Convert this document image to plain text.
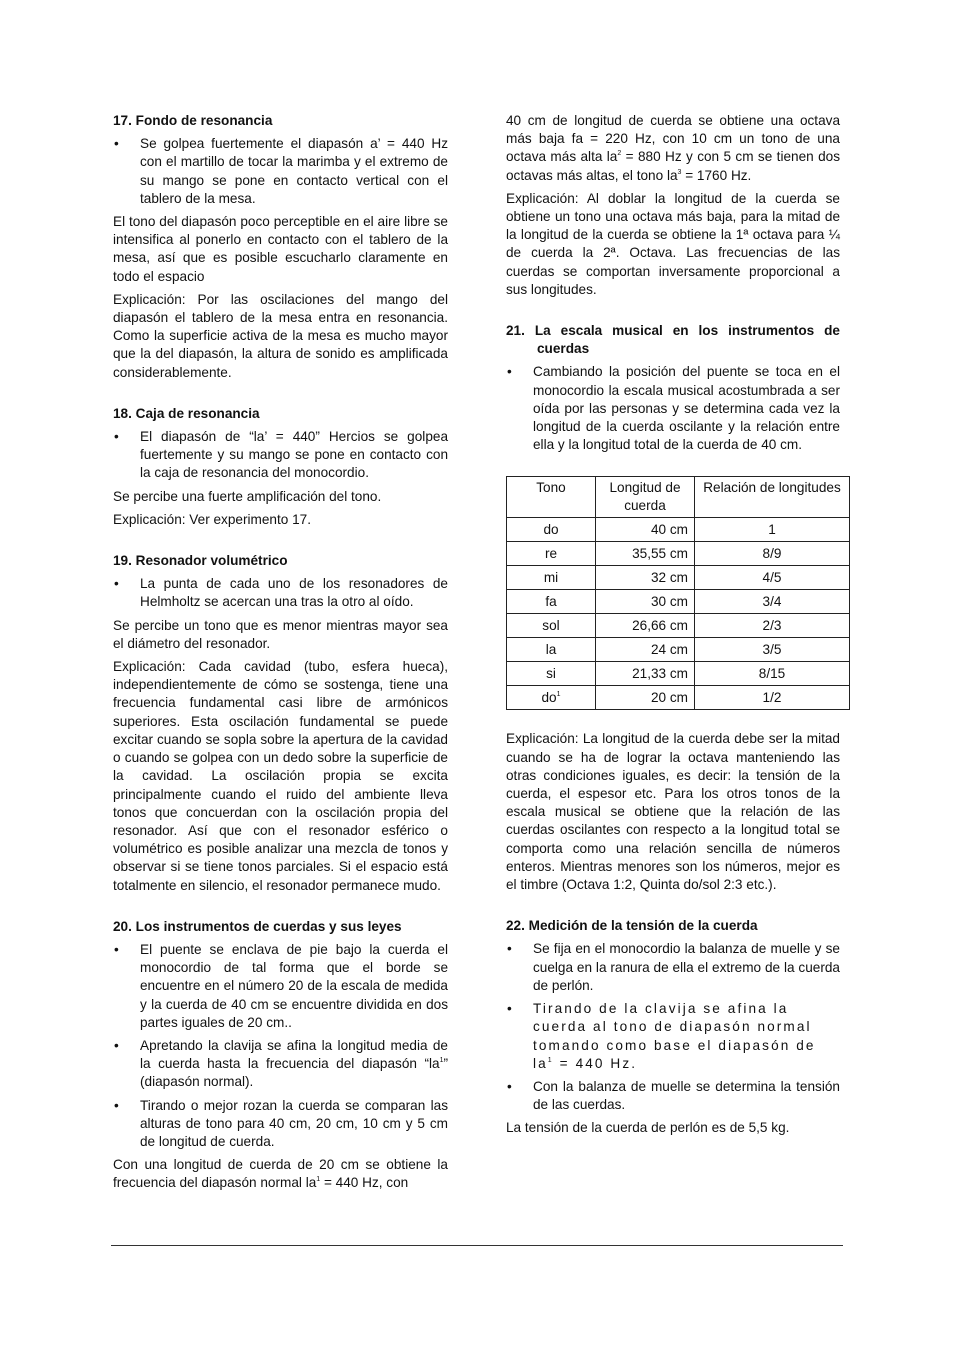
17. Fondo de resonancia
• Se golpea fuertemente el diapasón a’ = 440 Hz con el martillo de tocar la marimba y el extremo de su mango se pone en contacto vertical con el tablero de la mesa.

El tono del diapasón poco perceptible en el aire libre se intensifica al ponerlo en contacto con el tablero de la mesa, así que es posible escucharlo claramente en todo el espacio

Explicación: Por las oscilaciones del mango del diapasón el tablero de la mesa entra en resonancia. Como la superficie activa de la mesa es mucho mayor que la del diapasón, la altura de sonido es amplificada considerablemente.

18. Caja de resonancia
• El diapasón de “la’ = 440” Hercios se golpea fuertemente y su mango se pone en contacto con la caja de resonancia del monocordio.

Se percibe una fuerte amplificación del tono.

Explicación: Ver experimento 17.

19. Resonador volumétrico
• La punta de cada uno de los resonadores de Helmholtz se acercan una tras la otro al oído.

Se percibe un tono que es menor mientras mayor sea el diámetro del resonador.

Explicación: Cada cavidad (tubo, esfera hueca), independientemente de cómo se sostenga, tiene una frecuencia fundamental casi libre de armónicos superiores. Esta oscilación fundamental se puede excitar cuando se sopla sobre la apertura de la cavidad o cuando se golpea con un dedo sobre la superficie de la cavidad. La oscilación propia se excita principalmente cuando el ruido del ambiente lleva tonos que concuerdan con la oscilación propia del resonador. Así que con el resonador esférico o volumétrico es posible analizar una mezcla de tonos y observar si se tiene tonos parciales. Si el espacio está totalmente en silencio, el resonador permanece mudo.

20. Los instrumentos de cuerdas y sus leyes
• El puente se enclava de pie bajo la cuerda el monocordio de tal forma que el borde se encuentre en el número 20 de la escala de medida y la cuerda de 40 cm se encuentre dividida en dos partes iguales de 20 cm..
• Apretando la clavija se afina la longitud media de la cuerda hasta la frecuencia del diapasón “$la^1$” (diapasón normal).
• Tirando o mejor rozan la cuerda se comparan las alturas de tono para 40 cm, 20 cm, 10 cm y 5 cm de longitud de cuerda.

Con una longitud de cuerda de 20 cm se obtiene la frecuencia del diapasón normal $la^1 = 440$ Hz, con

40 cm de longitud de cuerda se obtiene una octava más baja fa = 220 Hz, con 10 cm un tono de una octava más alta $la^2 = 880$ Hz y con 5 cm se tienen dos octavas más altas, el tono $la^3 = 1760$ Hz.

Explicación: Al doblar la longitud de la cuerda se obtiene un tono una octava más baja, para la mitad de la longitud de la cuerda se obtiene la 1ª octava para ¼ de cuerda la 2ª. Octava. Las frecuencias de las cuerdas se comportan inversamente proporcional a sus longitudes.

21. La escala musical en los instrumentos de cuerdas
• Cambiando la posición del puente se toca en el monocordio la escala musical acostumbrada a ser oída por las personas y se determina cada vez la longitud de la cuerda oscilante y la relación entre ella y la longitud total de la cuerda de 40 cm.
Tono	Longitud de cuerda	Relación de longitudes
do	40 cm	1
re	35,55 cm	8/9
mi	32 cm	4/5
fa	30 cm	3/4
sol	26,66 cm	2/3
la	24 cm	3/5
si	21,33 cm	8/15
$do^1$	20 cm	1/2

Explicación: La longitud de la cuerda debe ser la mitad cuando se ha de lograr la octava manteniendo las otras condiciones iguales, es decir: la tensión de la cuerda, el espesor etc. Para los otros tonos de la escala musical se obtiene que la relación de las cuerdas oscilantes con respecto a la longitud total se comporta como una relación sencilla de números enteros. Mientras menores son los números, mejor es el timbre (Octava 1:2, Quinta do/sol 2:3 etc.).

22. Medición de la tensión de la cuerda
• Se fija en el monocordio la balanza de muelle y se cuelga en la ranura de ella el extremo de la cuerda de perlón.
• Tirando de la clavija se afina la cuerda al tono de diapasón normal tomando como base el diapasón de $la^1 = 440$ Hz.
• Con la balanza de muelle se determina la tensión de las cuerdas.

La tensión de la cuerda de perlón es de 5,5 kg.
